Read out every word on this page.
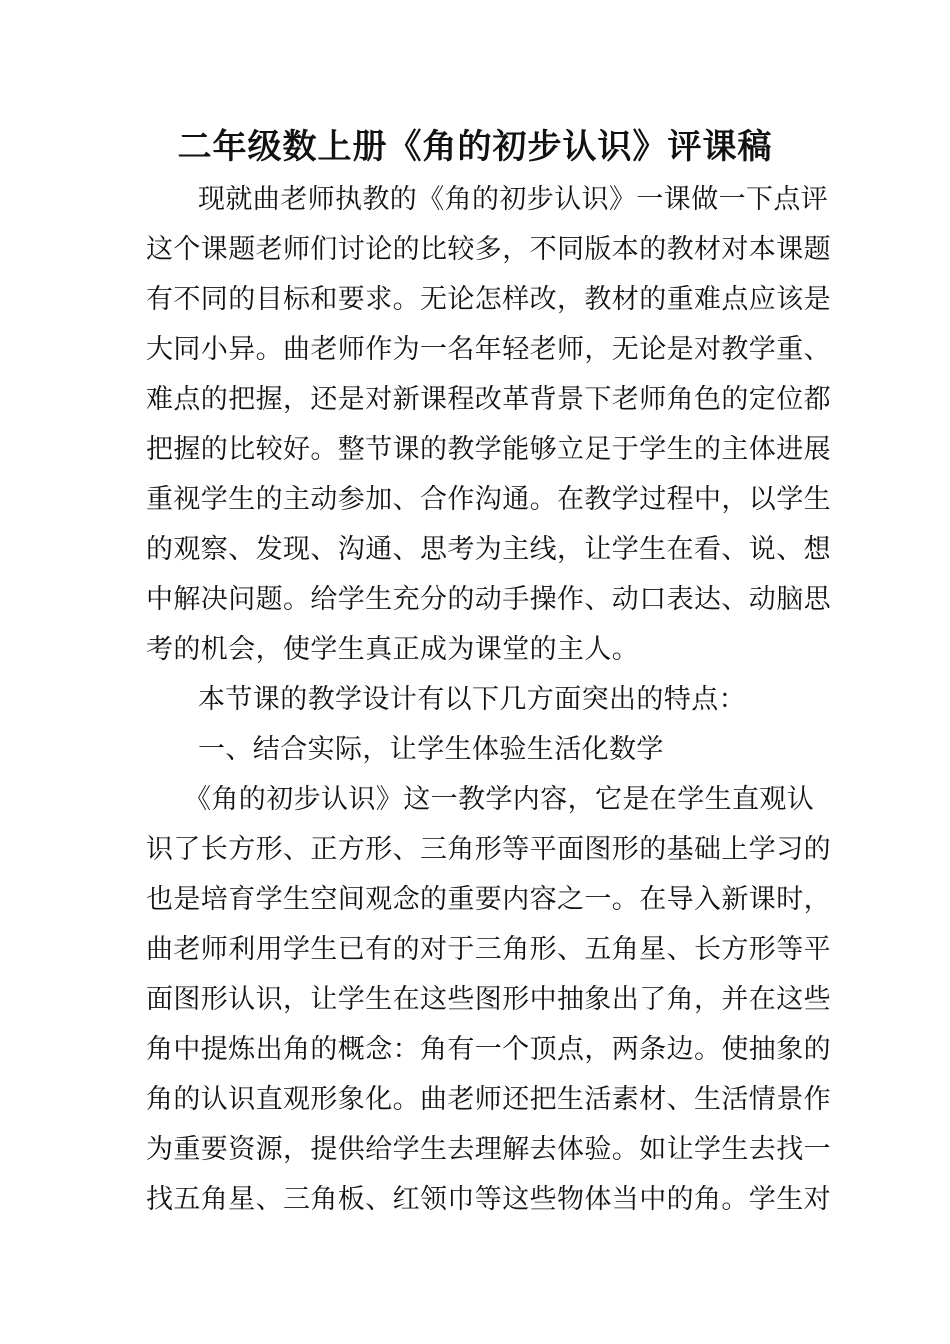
二年级数上册《角的初步认识》评课稿

现就曲老师执教的《角的初步认识》一课做一下点评

这个课题老师们讨论的比较多，不同版本的教材对本课题

有不同的目标和要求。无论怎样改，教材的重难点应该是

大同小异。曲老师作为一名年轻老师，无论是对教学重、

难点的把握，还是对新课程改革背景下老师角色的定位都

把握的比较好。整节课的教学能够立足于学生的主体进展

重视学生的主动参加、合作沟通。在教学过程中，以学生

的观察、发现、沟通、思考为主线，让学生在看、说、想

中解决问题。给学生充分的动手操作、动口表达、动脑思

考的机会，使学生真正成为课堂的主人。

本节课的教学设计有以下几方面突出的特点：

一、结合实际，让学生体验生活化数学

《角的初步认识》这一教学内容，它是在学生直观认

识了长方形、正方形、三角形等平面图形的基础上学习的

也是培育学生空间观念的重要内容之一。在导入新课时，

曲老师利用学生已有的对于三角形、五角星、长方形等平

面图形认识，让学生在这些图形中抽象出了角，并在这些

角中提炼出角的概念：角有一个顶点，两条边。使抽象的

角的认识直观形象化。曲老师还把生活素材、生活情景作

为重要资源，提供给学生去理解去体验。如让学生去找一

找五角星、三角板、红领巾等这些物体当中的角。学生对
